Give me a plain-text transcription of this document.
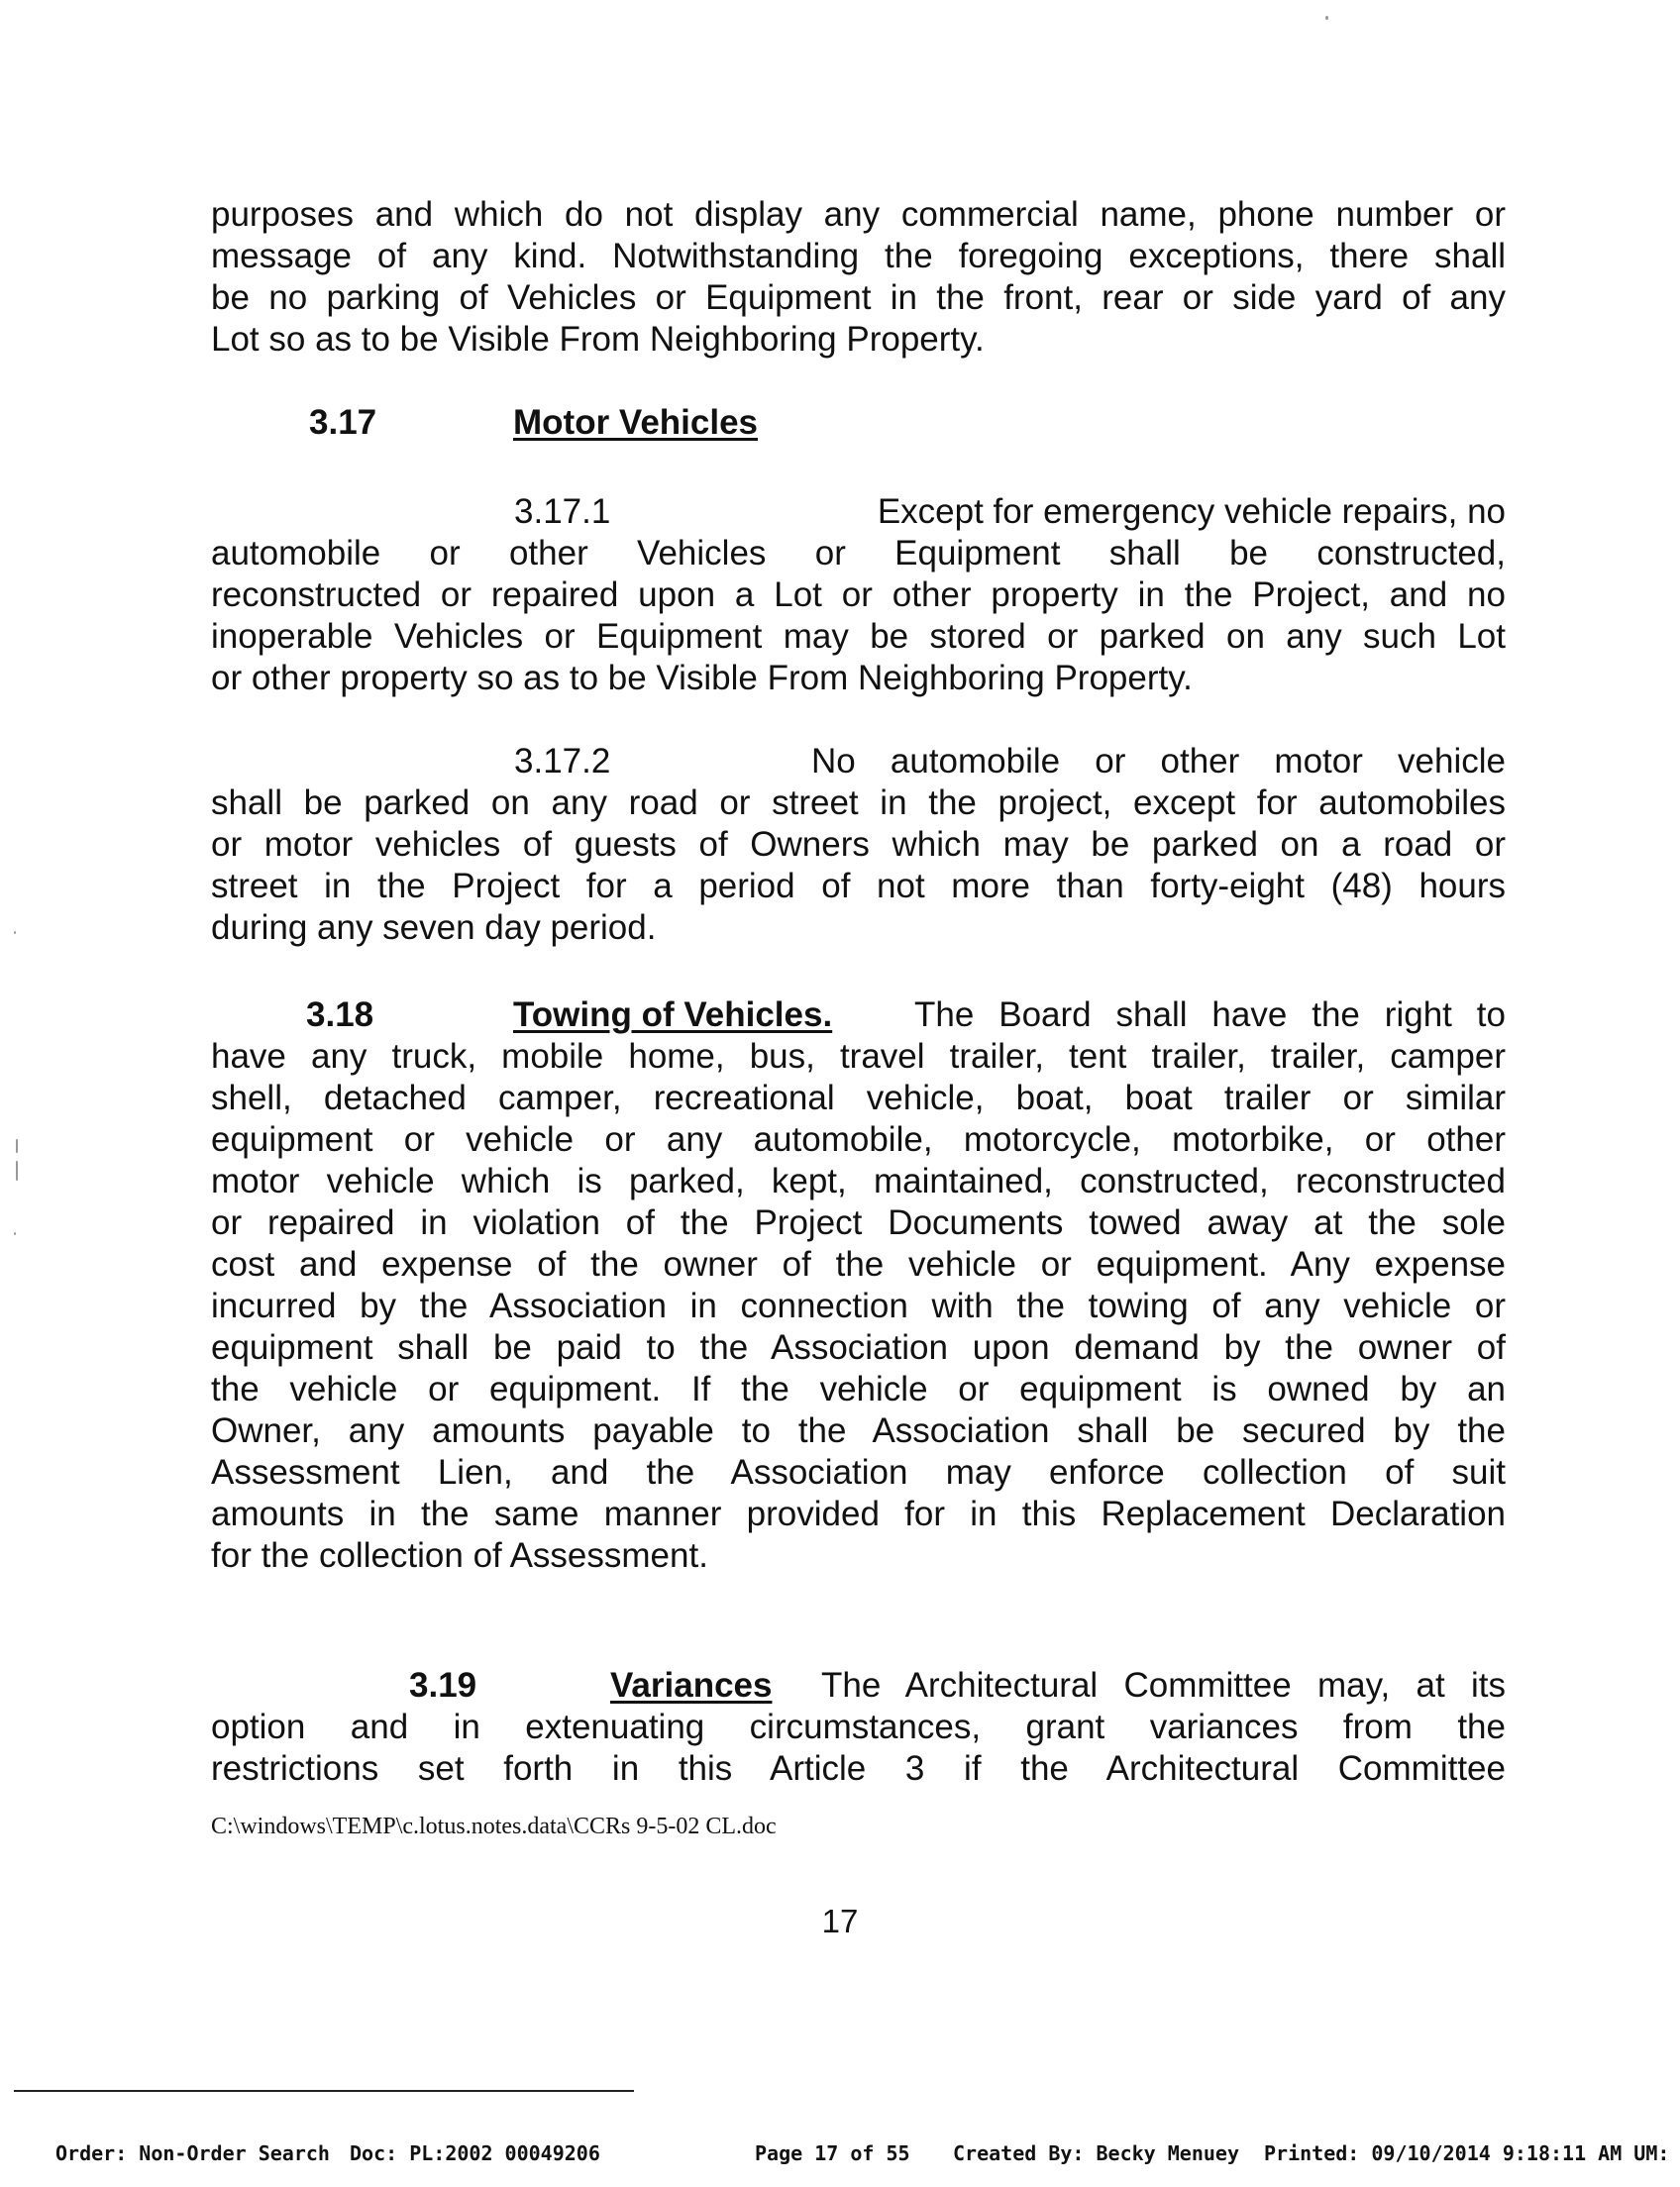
purposes and which do not display any commercial name, phone number or
message of any kind. Notwithstanding the foregoing exceptions, there shall
be no parking of Vehicles or Equipment in the front, rear or side yard of any
Lot so as to be Visible From Neighboring Property.
3.17	Motor Vehicles
3.17.1	Except for emergency vehicle repairs, no
automobile or other Vehicles or Equipment shall be constructed,
reconstructed or repaired upon a Lot or other property in the Project, and no
inoperable Vehicles or Equipment may be stored or parked on any such Lot
or other property so as to be Visible From Neighboring Property.
3.17.2	No automobile or other motor vehicle
shall be parked on any road or street in the project, except for automobiles
or motor vehicles of guests of Owners which may be parked on a road or
street in the Project for a period of not more than forty-eight (48) hours
during any seven day period.
3.18	Towing of Vehicles. The Board shall have the right to
have any truck, mobile home, bus, travel trailer, tent trailer, trailer, camper
shell, detached camper, recreational vehicle, boat, boat trailer or similar
equipment or vehicle or any automobile, motorcycle, motorbike, or other
motor vehicle which is parked, kept, maintained, constructed, reconstructed
or repaired in violation of the Project Documents towed away at the sole
cost and expense of the owner of the vehicle or equipment. Any expense
incurred by the Association in connection with the towing of any vehicle or
equipment shall be paid to the Association upon demand by the owner of
the vehicle or equipment. If the vehicle or equipment is owned by an
Owner, any amounts payable to the Association shall be secured by the
Assessment Lien, and the Association may enforce collection of suit
amounts in the same manner provided for in this Replacement Declaration
for the collection of Assessment.
3.19	Variances The Architectural Committee may, at its
option and in extenuating circumstances, grant variances from the
restrictions set forth in this Article 3 if the Architectural Committee
C:\windows\TEMP\c.lotus.notes.data\CCRs 9-5-02 CL.doc
17
Order: Non-Order Search Doc: PL:2002 00049206	Page 17 of 55 Created By: Becky Menuey Printed: 09/10/2014 9:18:11 AM UM:
